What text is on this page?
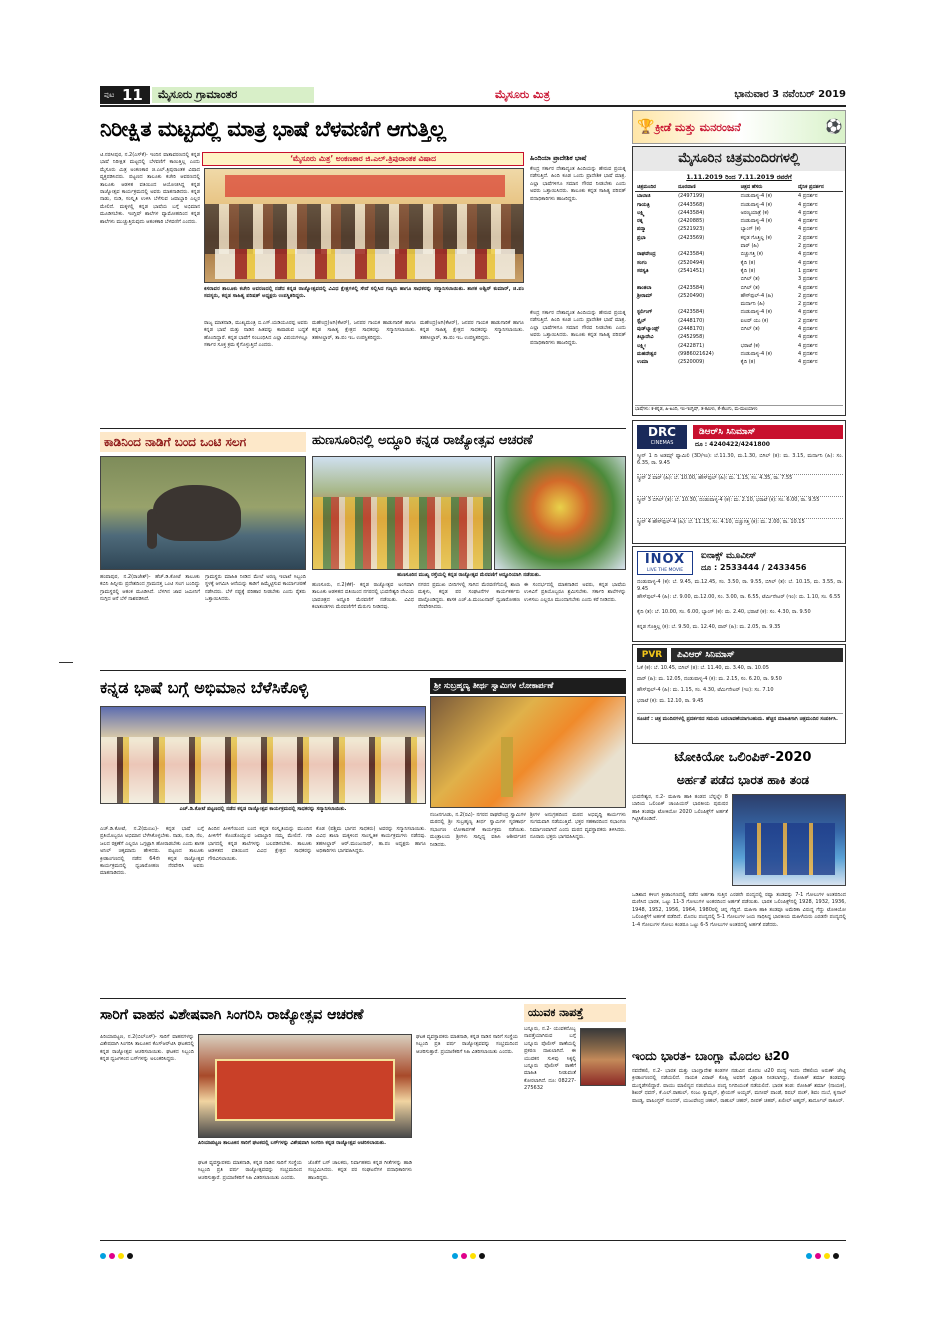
ಪುಟ 11	ಮೈಸೂರು ಗ್ರಾಮಾಂತರ	ಮೈಸೂರು ಮಿತ್ರ	ಭಾನುವಾರ 3 ನವೆಂಬರ್ 2019
ನಿರೀಕ್ಷಿತ ಮಟ್ಟದಲ್ಲಿ ಮಾತ್ರ ಭಾಷೆ ಬೆಳವಣಿಗೆ ಆಗುತ್ತಿಲ್ಲ
‘ಮೈಸೂರು ಮಿತ್ರ’ ಅಂಕಣಕಾರ ಜಿ.ಎಲ್.ತ್ರಿಪುರಾಂತಕ ವಿಷಾದ
ಕಿಸರಾವರ ತಾಲೂಕು ಕಚೇರಿ ಆವರಣದಲ್ಲಿ ನಡೆದ ಕನ್ನಡ ರಾಜ್ಯೋತ್ಸವದಲ್ಲಿ ವಿವಿಧ ಕ್ಷೇತ್ರಗಳಲ್ಲಿ ಸೇವೆ ಸಲ್ಲಿಸಿದ ಗಣ್ಯರು ಹಾಗೂ ಸಾಧಕರನ್ನು ಸನ್ಮಾನಿಸಲಾಯಿತು. ಶಾಸಕ ಅಶ್ವಿನ್ ಕುಮಾರ್, ಜಿ.ಪಂ ಸದಸ್ಯರು, ಕನ್ನಡ ಸಾಹಿತ್ಯ ಪರಿಷತ್ ಅಧ್ಯಕ್ಷರು ಉಪಸ್ಥಿತರಿದ್ದರು.
ಟಿ.ನರಸೀಪುರ, ನ.2(ಎಸ್‌ಕೆ)- ಇಂದಿನ ವಾತಾವರಣದಲ್ಲಿ ಕನ್ನಡ ಭಾಷೆ ನಿರೀಕ್ಷಿತ ಮಟ್ಟದಲ್ಲಿ ಬೆಳವಣಿಗೆ ಕಾಣುತ್ತಿಲ್ಲ ಎಂದು ಮೈಸೂರು ಮಿತ್ರ ಅಂಕಣಕಾರ ಜಿ.ಎಲ್.ತ್ರಿಪುರಾಂತಕ ವಿಷಾದ ವ್ಯಕ್ತಪಡಿಸಿದರು. ಪಟ್ಟಣದ ತಾಲೂಕು ಕಚೇರಿ ಆವರಣದಲ್ಲಿ ತಾಲೂಕು ಆಡಳಿತ ವತಿಯಿಂದ ಆಯೋಜಿಸಿದ್ದ ಕನ್ನಡ ರಾಜ್ಯೋತ್ಸವ ಕಾರ್ಯಕ್ರಮದಲ್ಲಿ ಅವರು ಮಾತನಾಡಿದರು. ಕನ್ನಡ ನಾಡು, ನುಡಿ, ಸಂಸ್ಕೃತಿ ಉಳಿಸಿ ಬೆಳೆಸುವ ಜವಾಬ್ದಾರಿ ಎಲ್ಲರ ಮೇಲಿದೆ. ಮಕ್ಕಳಲ್ಲಿ ಕನ್ನಡ ಭಾಷೆಯ ಬಗ್ಗೆ ಅಭಿಮಾನ ಮೂಡಿಸಬೇಕು. ಇಂಗ್ಲಿಷ್ ಶಾಲೆಗಳ ವ್ಯಾಮೋಹದಿಂದ ಕನ್ನಡ ಶಾಲೆಗಳು ಮುಚ್ಚುತ್ತಿರುವುದು ಆತಂಕಕಾರಿ ಬೆಳವಣಿಗೆ ಎಂದರು.
ರಾಜ್ಯ ಮಾತನಾಡಿ, ಮುಖ್ಯಮಂತ್ರಿ ಬಿ.ಎಸ್.ಯಡಿಯೂರಪ್ಪ ಅವರು ಕನ್ನಡ ಭಾಷೆ ಮತ್ತು ನಾಡಿನ ಹಿತವನ್ನು ಕಾಪಾಡುವ ಬದ್ಧತೆ ಹೊಂದಿದ್ದಾರೆ. ಕನ್ನಡ ಭಾಷೆಗೆ ಸಂಬಂಧಿಸಿದ ಎಲ್ಲಾ ವಿಷಯಗಳಲ್ಲೂ ಸರ್ಕಾರ ಸೂಕ್ತ ಕ್ರಮ ಕೈಗೊಳ್ಳುತ್ತಿದೆ ಎಂದರು.
ಮಹೇಂದ್ರ(ಅಗಿ(ಕೆಆರ್), ಜನಪರ ಗಾಯಕ ಹಾಡುಗಾರಿಕೆ ಹಾಗೂ ಕನ್ನಡ ಸಾಹಿತ್ಯ ಕ್ಷೇತ್ರದ ಸಾಧಕರನ್ನು ಸನ್ಮಾನಿಸಲಾಯಿತು. ತಹಸೀಲ್ದಾರ್, ತಾ.ಪಂ ಇಒ ಉಪಸ್ಥಿತರಿದ್ದರು.
ಹಿಂದಿಯಾ ಪ್ರಾದೇಶಿಕ ಭಾಷೆ
ಕೇಂದ್ರ ಸರ್ಕಾರ ದೇಶಾದ್ಯಂತ ಹಿಂದಿಯನ್ನು ಹೇರುವ ಪ್ರಯತ್ನ ನಡೆಸುತ್ತಿದೆ. ಹಿಂದಿ ಕೂಡ ಒಂದು ಪ್ರಾದೇಶಿಕ ಭಾಷೆ ಮಾತ್ರ. ಎಲ್ಲಾ ಭಾಷೆಗಳಿಗೂ ಸಮಾನ ಗೌರವ ನೀಡಬೇಕು ಎಂದು ಅವರು ಒತ್ತಾಯಿಸಿದರು. ತಾಲೂಕು ಕನ್ನಡ ಸಾಹಿತ್ಯ ಪರಿಷತ್ ಪದಾಧಿಕಾರಿಗಳು ಹಾಜರಿದ್ದರು.
ಮಹೇಂದ್ರ(ಅಗಿ(ಕೆಆರ್), ಜನಪರ ಗಾಯಕ ಹಾಡುಗಾರಿಕೆ ಹಾಗೂ ಕನ್ನಡ ಸಾಹಿತ್ಯ ಕ್ಷೇತ್ರದ ಸಾಧಕರನ್ನು ಸನ್ಮಾನಿಸಲಾಯಿತು. ತಹಸೀಲ್ದಾರ್, ತಾ.ಪಂ ಇಒ ಉಪಸ್ಥಿತರಿದ್ದರು.
ಕೇಂದ್ರ ಸರ್ಕಾರ ದೇಶಾದ್ಯಂತ ಹಿಂದಿಯನ್ನು ಹೇರುವ ಪ್ರಯತ್ನ ನಡೆಸುತ್ತಿದೆ. ಹಿಂದಿ ಕೂಡ ಒಂದು ಪ್ರಾದೇಶಿಕ ಭಾಷೆ ಮಾತ್ರ. ಎಲ್ಲಾ ಭಾಷೆಗಳಿಗೂ ಸಮಾನ ಗೌರವ ನೀಡಬೇಕು ಎಂದು ಅವರು ಒತ್ತಾಯಿಸಿದರು. ತಾಲೂಕು ಕನ್ನಡ ಸಾಹಿತ್ಯ ಪರಿಷತ್ ಪದಾಧಿಕಾರಿಗಳು ಹಾಜರಿದ್ದರು.
ಕ್ರೀಡೆ ಮತ್ತು ಮನರಂಜನೆ
🏆	⚽
ಮೈಸೂರಿನ ಚಿತ್ರಮಂದಿರಗಳಲ್ಲಿ
1.11.2019 ರಿಂದ 7.11.2019 ರವರೆಗೆ
ಚಿತ್ರಮಂದಿರ	ದೂರವಾಣಿ	ಚಿತ್ರದ ಹೆಸರು	ದೈನಿಕ ಪ್ರದರ್ಶನ
ಬಾಲಾಜಿ	(2497199)	ದಂಡುಪಾಳ್ಯ-4 (ಕ)	4 ಪ್ರದರ್ಶನ
ಗಾಯತ್ರಿ	(2443568)	ದಂಡುಪಾಳ್ಯ-4 (ಕ)	4 ಪ್ರದರ್ಶನ
ಲಕ್ಷ್ಮಿ	(2443584)	ಅರಣ್ಯಯಾತ್ರೆ (ಕ)	4 ಪ್ರದರ್ಶನ
ರತ್ನ	(2420885)	ದಂಡುಪಾಳ್ಯ-4 (ಕ)	4 ಪ್ರದರ್ಶನ
ಪದ್ಮಾ	(2521923)	ಬ್ಯಾಂಗ್ (ಕ)	4 ಪ್ರದರ್ಶನ
ಪ್ರಭಾ	(2423569)	ಕನ್ನಡ ಗೊತ್ತಿಲ್ಲ (ಕ)	2 ಪ್ರದರ್ಶನ
		ವಾರ್ (ಹಿ)	2 ಪ್ರದರ್ಶನ
ರಾಘವೇಂದ್ರ	(2423584)	ಬಿಚ್ಚುಗತ್ತಿ (ಕ)	4 ಪ್ರದರ್ಶನ
ಸಂಗಂ	(2520494)	ಕೈದಿ (ತ)	4 ಪ್ರದರ್ಶನ
ಸರಸ್ವತಿ	(2541451)	ಕೈದಿ (ತ)	1 ಪ್ರದರ್ಶನ
		ಬಿಗಿಲ್ (ತ)	3 ಪ್ರದರ್ಶನ
ಶಾಂತಲಾ	(2423584)	ಬಿಗಿಲ್ (ತ)	4 ಪ್ರದರ್ಶನ
ಶ್ರೀರಾಮ್	(2520490)	ಹೌಸ್‌ಫುಲ್-4 (ಹಿ)	2 ಪ್ರದರ್ಶನ
		ಮರ್ದಾನಿ (ಹಿ)	2 ಪ್ರದರ್ಶನ
ಸ್ಟರ್ಲಿಂಗ್	(2423584)	ದಂಡುಪಾಳ್ಯ-4 (ಕ)	4 ಪ್ರದರ್ಶನ
ಸ್ಟೈಲ್	(2448170)	ಐಲವ್ ಯು (ಕ)	2 ಪ್ರದರ್ಶನ
ವುಡ್‌ಲ್ಯಾಂಡ್ಸ್	(2448170)	ಬಿಗಿಲ್ (ತ)	4 ಪ್ರದರ್ಶನ
ತಿಬ್ಬಾದೇವಿ	(2452958)		4 ಪ್ರದರ್ಶನ
ಲಕ್ಷ್ಮೀ	(2422871)	ಭರಾಟೆ (ಕ)	4 ಪ್ರದರ್ಶನ
ಮಹದೇಶ್ವರ	(9986021624)	ದಂಡುಪಾಳ್ಯ-4 (ಕ)	4 ಪ್ರದರ್ಶನ
ಉಮಾ	(2520009)	ಕೈದಿ (ತ)	4 ಪ್ರದರ್ಶನ
ಭಾಷೆಗಳು: ಕ-ಕನ್ನಡ, ಹಿ-ಹಿಂದಿ, ಇಂ-ಇಂಗ್ಲಿಷ್, ತ-ತಮಿಳು, ತೆ-ತೆಲುಗು, ಮ-ಮಲಯಾಳಂ
DRC
CINEMAS
ಡಿಆರ್‌ಸಿ ಸಿನಿಮಾಸ್
ದೂ : 4240422/4241800
ಸ್ಕ್ರೀನ್ 1 ದಿ ಅಡಮ್ಸ್ ಫ್ಯಾಮಿಲಿ (3D/ಇಂ): ಬೆ.11.30, ಮ.1.30, ಬಿಗಿಲ್ (ತ): ಮ. 3.15, ಮರ್ದಾನಿ (ಹಿ): ಸಂ. 6.35, ರಾ. 9.45
ಸ್ಕ್ರೀನ್ 2 ವಾರ್ (ಹಿ): ಬೆ. 10.00, ಹೌಸ್‌ಫುಲ್ (ಹಿ): ಮ. 1.15, ಸಂ. 4.35, ರಾ. 7.55
ಸ್ಕ್ರೀನ್ 3 ಬಿಗಿಲ್ (ತ): ಬೆ. 10.30, ದಂಡುಪಾಳ್ಯ-4 (ಕ): ಮ. 2.10, ಭರಾಟೆ (ಕ): ಸಂ. 6.00, ರಾ. 9.55
ಸ್ಕ್ರೀನ್ 4 ಹೌಸ್‌ಫುಲ್-4 (ಹಿ): ಬೆ. 11.15, ಸಂ. 4.10, ಬಿಚ್ಚುಗತ್ತಿ (ಕ): ಮ. 2.00, ರಾ. 10.15
INOX
LIVE THE MOVIE
ಐನಾಕ್ಸ್ ಮೂವೀಸ್
ದೂ : 2533444 / 2433456
ದಂಡುಪಾಳ್ಯ-4 (ಕ): ಬೆ. 9.45, ಮ.12.45, ಸಂ. 3.50, ರಾ. 9.55, ಬಿಗಿಲ್ (ತ): ಬೆ. 10.15, ಮ. 3.55, ರಾ. 9.45
ಹೌಸ್‌ಫುಲ್-4 (ಹಿ): ಬೆ. 9.00, ಮ.12.00, ಸಂ. 3.00, ರಾ. 6.55, ಟೆರ್ಮಿನೇಟರ್ (ಇಂ): ಮ. 1.10, ಸಂ. 6.55
ಕೈದಿ (ತ): ಬೆ. 10.00, ಸಂ. 6.00, ಬ್ಯಾಂಗ್ (ಕ): ಮ. 2.40, ಭರಾಟೆ (ಕ): ಸಂ. 4.30, ರಾ. 9.50
ಕನ್ನಡ ಗೊತ್ತಿಲ್ಲ (ಕ): ಬೆ. 9.50, ಮ. 12.40, ವಾರ್ (ಹಿ): ಮ. 2.05, ರಾ. 9.35
PVR	ಪಿವಿಆರ್ ಸಿನಿಮಾಸ್
ಓಕೆ (ಕ): ಬೆ. 10.45, ಬಿಗಿಲ್ (ತ): ಬೆ. 11.40, ಮ. 3.40, ರಾ. 10.05
ವಾರ್ (ಹಿ): ಮ. 12.05, ದಂಡುಪಾಳ್ಯ-4 (ಕ): ಮ. 2.15, ಸಂ. 6.20, ರಾ. 9.50
ಹೌಸ್‌ಫುಲ್-4 (ಹಿ): ಮ. 1.15, ಸಂ. 4.30, ಟೆರ್ಮಿನೇಟರ್ (ಇಂ): ಸಂ. 7.10
ಭರಾಟೆ (ಕ): ಮ. 12.10, ರಾ. 9.45
ಸೂಚನೆ : ಚಿತ್ರ ಮಂದಿರಗಳಲ್ಲಿ ಪ್ರದರ್ಶನದ ಸಮಯ ಬದಲಾವಣೆಯಾಗಬಹುದು. ಹೆಚ್ಚಿನ ಮಾಹಿತಿಗಾಗಿ ಚಿತ್ರಮಂದಿರ ಸಂಪರ್ಕಿಸಿ.
ಕಾಡಿನಿಂದ ನಾಡಿಗೆ ಬಂದ ಒಂಟಿ ಸಲಗ
ಹಂಪಾಪುರ, ನ.2(ರಾಜೇಶ್)- ಹೆಚ್.ಡಿ.ಕೋಟೆ ತಾಲೂಕು ಕಬಿನಿ ಹಿನ್ನೀರು ಪ್ರದೇಶದಿಂದ ಗ್ರಾಮದತ್ತ ಒಂಟಿ ಸಲಗ ಬಂದಿದ್ದು ಗ್ರಾಮಸ್ಥರಲ್ಲಿ ಆತಂಕ ಮೂಡಿಸಿದೆ. ಬೆಳಗಿನ ಜಾವ ಜಮೀನಿಗೆ ನುಗ್ಗಿದ ಆನೆ ಬೆಳೆ ನಾಶಪಡಿಸಿದೆ.
ಗ್ರಾಮಸ್ಥರು ಮಾಹಿತಿ ನೀಡಿದ ಮೇಲೆ ಅರಣ್ಯ ಇಲಾಖೆ ಸಿಬ್ಬಂದಿ ಸ್ಥಳಕ್ಕೆ ಆಗಮಿಸಿ ಆನೆಯನ್ನು ಕಾಡಿಗೆ ಹಿಮ್ಮೆಟ್ಟಿಸುವ ಕಾರ್ಯಾಚರಣೆ ನಡೆಸಿದರು. ಬೆಳೆ ನಷ್ಟಕ್ಕೆ ಪರಿಹಾರ ನೀಡಬೇಕು ಎಂದು ರೈತರು ಒತ್ತಾಯಿಸಿದರು.
ಹುಣಸೂರಿನಲ್ಲಿ ಅದ್ಧೂರಿ ಕನ್ನಡ ರಾಜ್ಯೋತ್ಸವ ಆಚರಣೆ
ಹುಣಸೂರಿನ ಮುಖ್ಯ ರಸ್ತೆಯಲ್ಲಿ ಕನ್ನಡ ರಾಜ್ಯೋತ್ಸವ ಮೆರವಣಿಗೆ ಅದ್ಧೂರಿಯಾಗಿ ನಡೆಯಿತು.
ಹುಣಸೂರು, ನ.2(ಕೆಕೆ)- ಕನ್ನಡ ರಾಜ್ಯೋತ್ಸವ ಅಂಗವಾಗಿ ತಾಲೂಕು ಆಡಳಿತದ ವತಿಯಿಂದ ನಗರದಲ್ಲಿ ಭುವನೇಶ್ವರಿ ದೇವಿಯ ಭಾವಚಿತ್ರದ ಅದ್ಧೂರಿ ಮೆರವಣಿಗೆ ನಡೆಯಿತು. ವಿವಿಧ ಕಲಾತಂಡಗಳು ಮೆರವಣಿಗೆಗೆ ಮೆರುಗು ನೀಡಿದವು.
ನಗರದ ಪ್ರಮುಖ ಬೀದಿಗಳಲ್ಲಿ ಸಾಗಿದ ಮೆರವಣಿಗೆಯಲ್ಲಿ ಶಾಲಾ ಮಕ್ಕಳು, ಕನ್ನಡ ಪರ ಸಂಘಟನೆಗಳ ಕಾರ್ಯಕರ್ತರು ಪಾಲ್ಗೊಂಡಿದ್ದರು. ಶಾಸಕ ಎಚ್.ಪಿ.ಮಂಜುನಾಥ್ ಧ್ವಜಾರೋಹಣ ನೆರವೇರಿಸಿದರು.
ಈ ಸಂದರ್ಭದಲ್ಲಿ ಮಾತನಾಡಿದ ಅವರು, ಕನ್ನಡ ಭಾಷೆಯ ಉಳಿವಿಗೆ ಪ್ರತಿಯೊಬ್ಬರೂ ಶ್ರಮಿಸಬೇಕು. ಸರ್ಕಾರಿ ಶಾಲೆಗಳನ್ನು ಉಳಿಸಲು ಎಲ್ಲರೂ ಮುಂದಾಗಬೇಕು ಎಂದು ಕರೆ ನೀಡಿದರು.
ಕನ್ನಡ ಭಾಷೆ ಬಗ್ಗೆ ಅಭಿಮಾನ ಬೆಳೆಸಿಕೊಳ್ಳಿ
ಎಚ್.ಡಿ.ಕೋಟೆ ಪಟ್ಟಣದಲ್ಲಿ ನಡೆದ ಕನ್ನಡ ರಾಜ್ಯೋತ್ಸವ ಕಾರ್ಯಕ್ರಮದಲ್ಲಿ ಸಾಧಕರನ್ನು ಸನ್ಮಾನಿಸಲಾಯಿತು.
ಎಚ್.ಡಿ.ಕೋಟೆ, ನ.2(ಮಂಜು)- ಕನ್ನಡ ಭಾಷೆ ಬಗ್ಗೆ ಪ್ರತಿಯೊಬ್ಬರೂ ಅಭಿಮಾನ ಬೆಳೆಸಿಕೊಳ್ಳಬೇಕು. ನಾಡು, ನುಡಿ, ನೆಲ, ಜಲದ ರಕ್ಷಣೆಗೆ ಎಲ್ಲರೂ ಒಗ್ಗಟ್ಟಾಗಿ ಹೋರಾಡಬೇಕು ಎಂದು ಶಾಸಕ ಅನಿಲ್ ಚಿಕ್ಕಮಾದು ಹೇಳಿದರು. ಪಟ್ಟಣದ ತಾಲೂಕು ಕ್ರೀಡಾಂಗಣದಲ್ಲಿ ನಡೆದ 64ನೇ ಕನ್ನಡ ರಾಜ್ಯೋತ್ಸವ ಕಾರ್ಯಕ್ರಮದಲ್ಲಿ ಧ್ವಜಾರೋಹಣ ನೆರವೇರಿಸಿ ಅವರು ಮಾತನಾಡಿದರು.
ಹಿಂದಿನ ಪೀಳಿಗೆಯಿಂದ ಬಂದ ಕನ್ನಡ ಸಂಸ್ಕೃತಿಯನ್ನು ಮುಂದಿನ ಪೀಳಿಗೆಗೆ ಕೊಂಡೊಯ್ಯುವ ಜವಾಬ್ದಾರಿ ನಮ್ಮ ಮೇಲಿದೆ. ಗಡಿ ಭಾಗದಲ್ಲಿ ಕನ್ನಡ ಶಾಲೆಗಳನ್ನು ಬಲಪಡಿಸಬೇಕು. ತಾಲೂಕು ಆಡಳಿತದ ವತಿಯಿಂದ ವಿವಿಧ ಕ್ಷೇತ್ರದ ಸಾಧಕರನ್ನು ಗೌರವಿಸಲಾಯಿತು.
ಕೊಡ (ಪಶ್ಚಿಮ ಭಾಗದ ಸಾಧಕರು) ಅವರನ್ನು ಸನ್ಮಾನಿಸಲಾಯಿತು. ವಿವಿಧ ಶಾಲಾ ಮಕ್ಕಳಿಂದ ಸಾಂಸ್ಕೃತಿಕ ಕಾರ್ಯಕ್ರಮಗಳು ನಡೆದವು. ತಹಸೀಲ್ದಾರ್ ಆರ್.ಮಂಜುನಾಥ್, ತಾ.ಪಂ ಅಧ್ಯಕ್ಷರು ಹಾಗೂ ಅಧಿಕಾರಿಗಳು ಭಾಗವಹಿಸಿದ್ದರು.
ಶ್ರೀ ಸುಬ್ರಹ್ಮಣ್ಯ ತೀರ್ಥ ಸ್ವಾಮಿಗಳ ಲೋಕಾರ್ಪಣೆ
ನಂಜನಗೂಡು, ನ.2(ರವಿ)- ನಗರದ ರಾಘವೇಂದ್ರ ಸ್ವಾಮಿಗಳ ಮಠದಲ್ಲಿ ಶ್ರೀ ಸುಬ್ರಹ್ಮಣ್ಯ ತೀರ್ಥ ಸ್ವಾಮಿಗಳ ಸ್ಮರಣಾರ್ಥ ಸಭಾಂಗಣ ಲೋಕಾರ್ಪಣೆ ಕಾರ್ಯಕ್ರಮ ನಡೆಯಿತು. ಮಂತ್ರಾಲಯ ಶ್ರೀಗಳು ಸಾನ್ನಿಧ್ಯ ವಹಿಸಿ ಆಶೀರ್ವಚನ ನೀಡಿದರು.
ಶ್ರೀಗಳ ಅನುಗ್ರಹದಿಂದ ಮಠದ ಅಭಿವೃದ್ಧಿ ಕಾರ್ಯಗಳು ಸುಗಮವಾಗಿ ನಡೆಯುತ್ತಿವೆ. ಭಕ್ತರ ಸಹಕಾರದಿಂದ ಸಭಾಂಗಣ ನಿರ್ಮಾಣವಾಗಿದೆ ಎಂದು ಮಠದ ವ್ಯವಸ್ಥಾಪಕರು ತಿಳಿಸಿದರು. ನೂರಾರು ಭಕ್ತರು ಭಾಗವಹಿಸಿದ್ದರು.
ಟೋಕಿಯೋ ಒಲಿಂಪಿಕ್-2020
ಅರ್ಹತೆ ಪಡೆದ ಭಾರತ ಹಾಕಿ ತಂಡ
ಭುವನೇಶ್ವರ, ನ.2- ಮಹಿಳಾ ಹಾಕಿ ತಂಡದ ಬೆನ್ನಲ್ಲೇ 8 ಬಾರಿಯ ಒಲಿಂಪಿಕ್ ಚಾಂಪಿಯನ್ ಭಾರತೀಯ ಪುರುಷರ ಹಾಕಿ ತಂಡವೂ ಟೋಕಿಯೋ 2020 ಒಲಿಂಪಿಕ್ಸ್‌ಗೆ ಅರ್ಹತೆ ಗಿಟ್ಟಿಸಿಕೊಂಡಿದೆ.
ಒಡಿಶಾದ ಕಳಿಂಗ ಕ್ರೀಡಾಂಗಣದಲ್ಲಿ ನಡೆದ ಅರ್ಹತಾ ಸುತ್ತಿನ ಎರಡನೇ ಪಂದ್ಯದಲ್ಲಿ ರಷ್ಯಾ ತಂಡವನ್ನು 7-1 ಗೋಲುಗಳ ಅಂತರದಿಂದ ಮಣಿಸಿದ ಭಾರತ, ಒಟ್ಟು 11-3 ಗೋಲುಗಳ ಅಂತರದಿಂದ ಅರ್ಹತೆ ಪಡೆಯಿತು. ಭಾರತ ಒಲಿಂಪಿಕ್ಸ್‌ನಲ್ಲಿ 1928, 1932, 1936, 1948, 1952, 1956, 1964, 1980ರಲ್ಲಿ ಚಿನ್ನ ಗೆದ್ದಿದೆ. ಮಹಿಳಾ ಹಾಕಿ ತಂಡವೂ ಅಮೆರಿಕಾ ವಿರುದ್ಧ ಗೆದ್ದು ಟೋಕಿಯೋ ಒಲಿಂಪಿಕ್ಸ್‌ಗೆ ಅರ್ಹತೆ ಪಡೆದಿದೆ. ಮೊದಲ ಪಂದ್ಯದಲ್ಲಿ 5-1 ಗೋಲುಗಳ ಜಯ ಸಾಧಿಸಿದ್ದ ಭಾರತೀಯ ಮಹಿಳೆಯರು ಎರಡನೇ ಪಂದ್ಯದಲ್ಲಿ 1-4 ಗೋಲುಗಳ ಸೋಲು ಕಂಡರೂ ಒಟ್ಟು 6-5 ಗೋಲುಗಳ ಅಂತರದಲ್ಲಿ ಅರ್ಹತೆ ಪಡೆದರು.
ಇಂದು ಭಾರತ- ಬಾಂಗ್ಲಾ ಮೊದಲ ಟಿ20
ನವದೆಹಲಿ, ನ.2- ಭಾರತ ಮತ್ತು ಬಾಂಗ್ಲಾದೇಶ ತಂಡಗಳ ನಡುವಿನ ಮೊದಲ ಟಿ20 ಪಂದ್ಯ ಇಂದು ದೆಹಲಿಯ ಅರುಣ್ ಜೇಟ್ಲಿ ಕ್ರೀಡಾಂಗಣದಲ್ಲಿ ನಡೆಯಲಿದೆ. ನಾಯಕ ವಿರಾಟ್ ಕೊಹ್ಲಿ ಅವರಿಗೆ ವಿಶ್ರಾಂತಿ ನೀಡಲಾಗಿದ್ದು, ರೋಹಿತ್ ಶರ್ಮಾ ತಂಡವನ್ನು ಮುನ್ನಡೆಸಲಿದ್ದಾರೆ. ವಾಯು ಮಾಲಿನ್ಯದ ನಡುವೆಯೂ ಪಂದ್ಯ ನಿಗದಿಯಂತೆ ನಡೆಯಲಿದೆ. ಭಾರತ ತಂಡ: ರೋಹಿತ್ ಶರ್ಮಾ (ನಾಯಕ), ಶಿಖರ್ ಧವನ್, ಕೆ.ಎಲ್.ರಾಹುಲ್, ಸಂಜು ಸ್ಯಾಮ್ಸನ್, ಶ್ರೇಯಸ್ ಅಯ್ಯರ್, ಮನೀಷ್ ಪಾಂಡೆ, ರಿಷಭ್ ಪಂತ್, ಶಿವಂ ದುಬೆ, ಕೃನಾಲ್ ಪಾಂಡ್ಯ, ವಾಷಿಂಗ್ಟನ್ ಸುಂದರ್, ಯಜುವೇಂದ್ರ ಚಹಲ್, ರಾಹುಲ್ ಚಹರ್, ದೀಪಕ್ ಚಹರ್, ಖಲೀಲ್ ಅಹ್ಮದ್, ಶಾರ್ದೂಲ್ ಠಾಕೂರ್.
ಸಾರಿಗೆ ವಾಹನ ವಿಶೇಷವಾಗಿ ಸಿಂಗರಿಸಿ ರಾಜ್ಯೋತ್ಸವ ಆಚರಣೆ
ಪಿರಿಯಾಪಟ್ಟಣ, ನ.2(ಬಿಲ್‌ಎಸ್)- ಸಾರಿಗೆ ವಾಹನಗಳನ್ನು ವಿಶೇಷವಾಗಿ ಸಿಂಗರಿಸಿ ತಾಲೂಕಿನ ಕೆಎಸ್‌ಆರ್‌ಟಿಸಿ ಘಟಕದಲ್ಲಿ ಕನ್ನಡ ರಾಜ್ಯೋತ್ಸವ ಆಚರಿಸಲಾಯಿತು. ಘಟಕದ ಸಿಬ್ಬಂದಿ ಕನ್ನಡ ಧ್ವಜಗಳಿಂದ ಬಸ್‌ಗಳನ್ನು ಅಲಂಕರಿಸಿದ್ದರು.
ಪಿರಿಯಾಪಟ್ಟಣ ತಾಲೂಕಿನ ಸಾರಿಗೆ ಘಟಕದಲ್ಲಿ ಬಸ್‌ಗಳನ್ನು ವಿಶೇಷವಾಗಿ ಸಿಂಗರಿಸಿ ಕನ್ನಡ ರಾಜ್ಯೋತ್ಸವ ಆಚರಿಸಲಾಯಿತು.
ಘಟಕ ವ್ಯವಸ್ಥಾಪಕರು ಮಾತನಾಡಿ, ಕನ್ನಡ ನಾಡಿನ ಸಾರಿಗೆ ಸಂಸ್ಥೆಯ ಸಿಬ್ಬಂದಿ ಪ್ರತಿ ವರ್ಷ ರಾಜ್ಯೋತ್ಸವವನ್ನು ಸಂಭ್ರಮದಿಂದ ಆಚರಿಸುತ್ತಾರೆ. ಪ್ರಯಾಣಿಕರಿಗೆ ಸಿಹಿ ವಿತರಿಸಲಾಯಿತು ಎಂದರು.
ಜೊತೆಗೆ ಬಸ್ ಚಾಲಕರು, ನಿರ್ವಾಹಕರು ಕನ್ನಡ ಗೀತೆಗಳನ್ನು ಹಾಡಿ ಸಂಭ್ರಮಿಸಿದರು. ಕನ್ನಡ ಪರ ಸಂಘಟನೆಗಳ ಪದಾಧಿಕಾರಿಗಳು ಹಾಜರಿದ್ದರು.
ಘಟಕ ವ್ಯವಸ್ಥಾಪಕರು ಮಾತನಾಡಿ, ಕನ್ನಡ ನಾಡಿನ ಸಾರಿಗೆ ಸಂಸ್ಥೆಯ ಸಿಬ್ಬಂದಿ ಪ್ರತಿ ವರ್ಷ ರಾಜ್ಯೋತ್ಸವವನ್ನು ಸಂಭ್ರಮದಿಂದ ಆಚರಿಸುತ್ತಾರೆ. ಪ್ರಯಾಣಿಕರಿಗೆ ಸಿಹಿ ವಿತರಿಸಲಾಯಿತು ಎಂದರು.
ಯುವಕ ನಾಪತ್ತೆ
ಬನ್ನೂರು, ನ.2- ಯುವಕನೊಬ್ಬ ನಾಪತ್ತೆಯಾಗಿರುವ ಬಗ್ಗೆ ಬನ್ನೂರು ಪೊಲೀಸ್ ಠಾಣೆಯಲ್ಲಿ ಪ್ರಕರಣ ದಾಖಲಾಗಿದೆ. ಈ ಯುವಕನ ಸುಳಿವು ಸಿಕ್ಕಲ್ಲಿ ಬನ್ನೂರು ಪೊಲೀಸ್ ಠಾಣೆಗೆ ಮಾಹಿತಿ ನೀಡುವಂತೆ ಕೋರಲಾಗಿದೆ. ದೂ: 08227-275632
